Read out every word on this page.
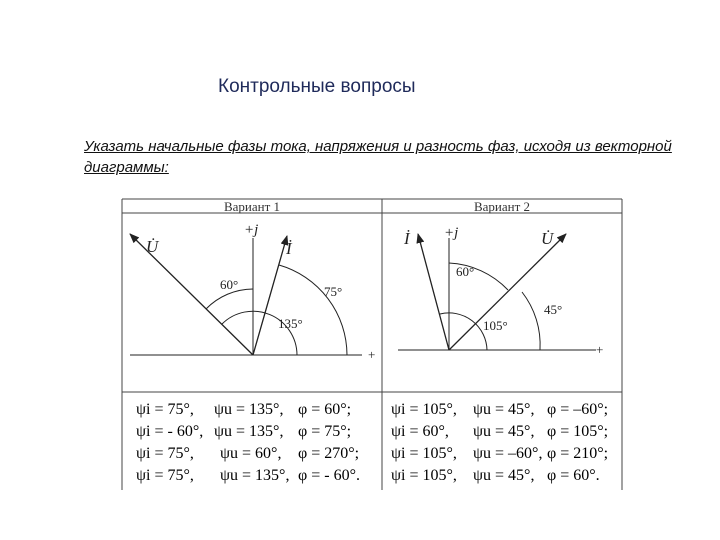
Контрольные вопросы
Указать начальные фазы тока, напряжения и разность фаз, исходя из векторной диаграммы:
Вариант 1	Вариант 2
+
+j
U̇	İ
60°	75°
135°
+
+j
İ	U̇
60°
45°
105°
ψi = 75°, ψu = 135°, φ = 60°;
ψi = - 60°, ψu = 135°, φ = 75°;
ψi = 75°, ψu = 60°, φ = 270°;
ψi = 75°, ψu = 135°, φ = - 60°.
ψi = 105°, ψu = 45°, φ = –60°;
ψi = 60°, ψu = 45°, φ = 105°;
ψi = 105°, ψu = –60°, φ = 210°;
ψi = 105°, ψu = 45°, φ = 60°.
